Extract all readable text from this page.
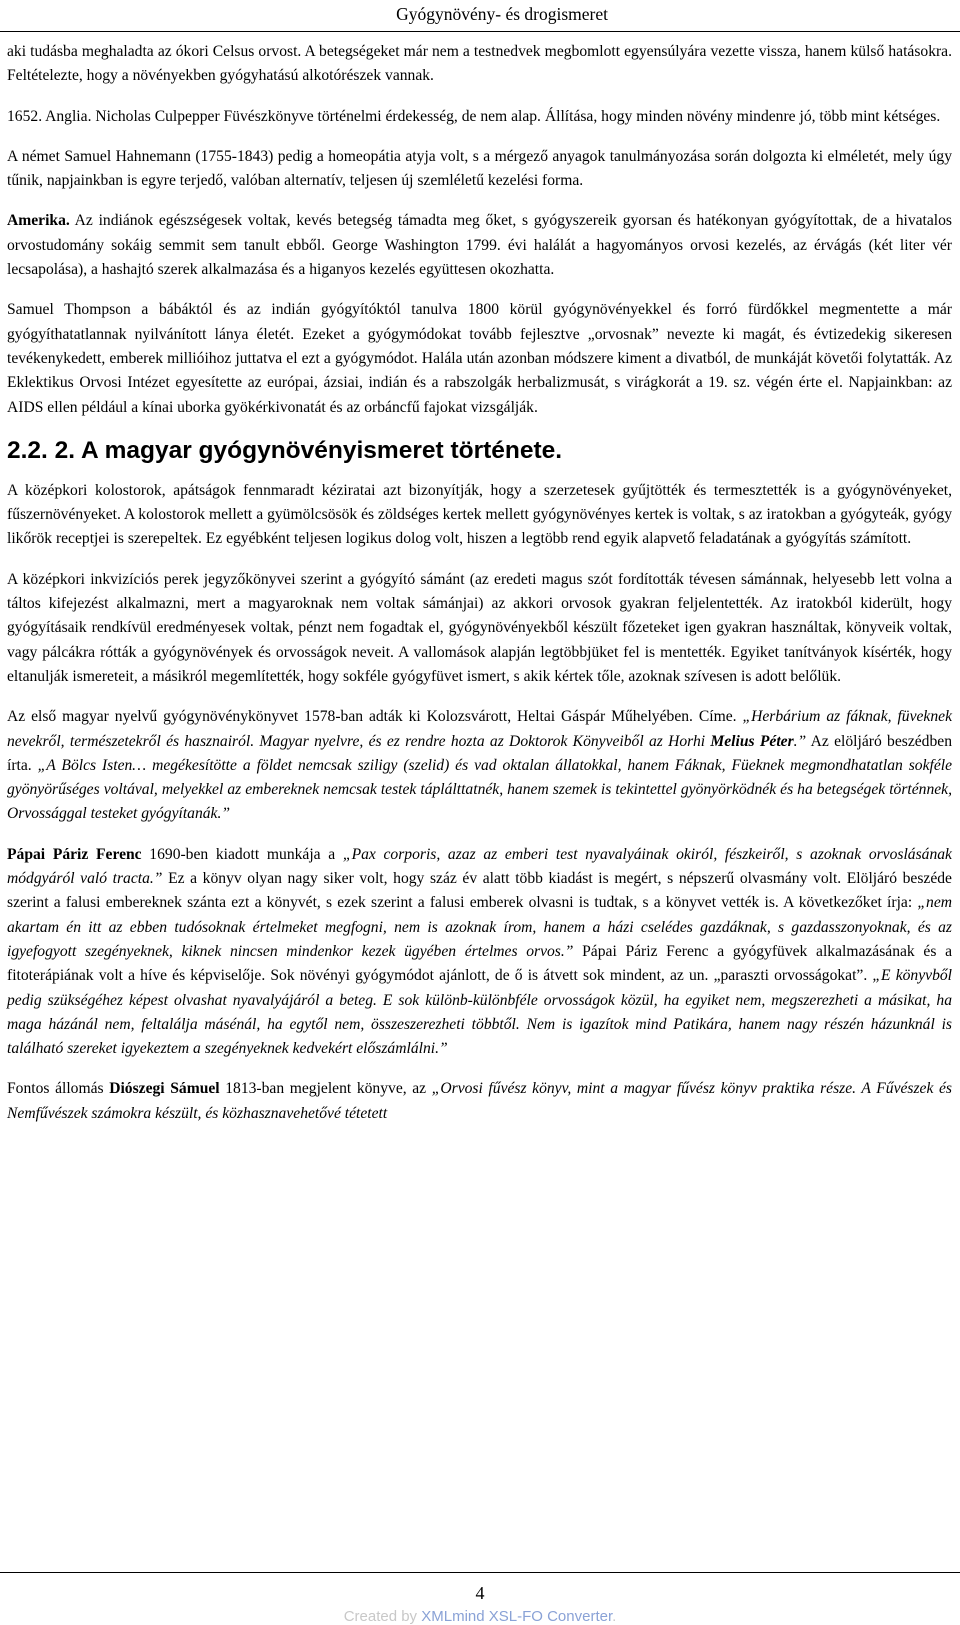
Gyógynövény- és drogismeret

aki tudásba meghaladta az ókori Celsus orvost. A betegségeket már nem a testnedvek megbomlott egyensúlyára vezette vissza, hanem külső hatásokra. Feltételezte, hogy a növényekben gyógyhatású alkotórészek vannak.

1652. Anglia. Nicholas Culpepper Füvészkönyve történelmi érdekesség, de nem alap. Állítása, hogy minden növény mindenre jó, több mint kétséges.

A német Samuel Hahnemann (1755-1843) pedig a homeopátia atyja volt, s a mérgező anyagok tanulmányozása során dolgozta ki elméletét, mely úgy tűnik, napjainkban is egyre terjedő, valóban alternatív, teljesen új szemléletű kezelési forma.

Amerika. Az indiánok egészségesek voltak, kevés betegség támadta meg őket, s gyógyszereik gyorsan és hatékonyan gyógyítottak, de a hivatalos orvostudomány sokáig semmit sem tanult ebből. George Washington 1799. évi halálát a hagyományos orvosi kezelés, az érvágás (két liter vér lecsapolása), a hashajtó szerek alkalmazása és a higanyos kezelés együttesen okozhatta.

Samuel Thompson a bábáktól és az indián gyógyítóktól tanulva 1800 körül gyógynövényekkel és forró fürdőkkel megmentette a már gyógyíthatatlannak nyilvánított lánya életét. Ezeket a gyógymódokat tovább fejlesztve „orvosnak” nevezte ki magát, és évtizedekig sikeresen tevékenykedett, emberek millióihoz juttatva el ezt a gyógymódot. Halála után azonban módszere kiment a divatból, de munkáját követői folytatták. Az Eklektikus Orvosi Intézet egyesítette az európai, ázsiai, indián és a rabszolgák herbalizmusát, s virágkorát a 19. sz. végén érte el. Napjainkban: az AIDS ellen például a kínai uborka gyökérkivonatát és az orbáncfű fajokat vizsgálják.

2.2. 2. A magyar gyógynövényismeret története.

A középkori kolostorok, apátságok fennmaradt kéziratai azt bizonyítják, hogy a szerzetesek gyűjtötték és termesztették is a gyógynövényeket, fűszernövényeket. A kolostorok mellett a gyümölcsösök és zöldséges kertek mellett gyógynövényes kertek is voltak, s az iratokban a gyógyteák, gyógy likőrök receptjei is szerepeltek. Ez egyébként teljesen logikus dolog volt, hiszen a legtöbb rend egyik alapvető feladatának a gyógyítás számított.

A középkori inkvizíciós perek jegyzőkönyvei szerint a gyógyító sámánt (az eredeti magus szót fordították tévesen sámánnak, helyesebb lett volna a táltos kifejezést alkalmazni, mert a magyaroknak nem voltak sámánjai) az akkori orvosok gyakran feljelentették. Az iratokból kiderült, hogy gyógyításaik rendkívül eredményesek voltak, pénzt nem fogadtak el, gyógynövényekből készült főzeteket igen gyakran használtak, könyveik voltak, vagy pálcákra rótták a gyógynövények és orvosságok neveit. A vallomások alapján legtöbbjüket fel is mentették. Egyiket tanítványok kísérték, hogy eltanulják ismereteit, a másikról megemlítették, hogy sokféle gyógyfüvet ismert, s akik kértek tőle, azoknak szívesen is adott belőlük.

Az első magyar nyelvű gyógynövénykönyvet 1578-ban adták ki Kolozsvárott, Heltai Gáspár Műhelyében. Címe. „Herbárium az fáknak, füveknek nevekről, természetekről és hasznairól. Magyar nyelvre, és ez rendre hozta az Doktorok Könyveiből az Horhi Melius Péter.” Az elöljáró beszédben írta. „A Bölcs Isten… megékesítötte a földet nemcsak sziligy (szelid) és vad oktalan állatokkal, hanem Fáknak, Füeknek megmondhatatlan sokféle gyönyörűséges voltával, melyekkel az embereknek nemcsak testek táplálttatnék, hanem szemek is tekintettel gyönyörködnék és ha betegségek történnek, Orvossággal testeket gyógyítanák.”

Pápai Páriz Ferenc 1690-ben kiadott munkája a „Pax corporis, azaz az emberi test nyavalyáinak okiról, fészkeiről, s azoknak orvoslásának módgyáról való tracta.” Ez a könyv olyan nagy siker volt, hogy száz év alatt több kiadást is megért, s népszerű olvasmány volt. Elöljáró beszéde szerint a falusi embereknek szánta ezt a könyvét, s ezek szerint a falusi emberek olvasni is tudtak, s a könyvet vették is. A következőket írja: „nem akartam én itt az ebben tudósoknak értelmeket megfogni, nem is azoknak írom, hanem a házi cselédes gazdáknak, s gazdasszonyoknak, és az igyefogyott szegényeknek, kiknek nincsen mindenkor kezek ügyében értelmes orvos.” Pápai Páriz Ferenc a gyógyfüvek alkalmazásának és a fitoterápiának volt a híve és képviselője. Sok növényi gyógymódot ajánlott, de ő is átvett sok mindent, az un. „paraszti orvosságokat”. „E könyvből pedig szükségéhez képest olvashat nyavalyájáról a beteg. E sok különb-különbféle orvosságok közül, ha egyiket nem, megszerezheti a másikat, ha maga házánál nem, feltalálja másénál, ha egytől nem, összeszerezheti többtől. Nem is igazítok mind Patikára, hanem nagy részén házunknál is található szereket igyekeztem a szegényeknek kedvekért előszámlálni.”

Fontos állomás Diószegi Sámuel 1813-ban megjelent könyve, az „Orvosi fűvész könyv, mint a magyar fűvész könyv praktika része. A Fűvészek és Nemfűvészek számokra készült, és közhasznavehetővé tétetett

4
Created by XMLmind XSL-FO Converter.
